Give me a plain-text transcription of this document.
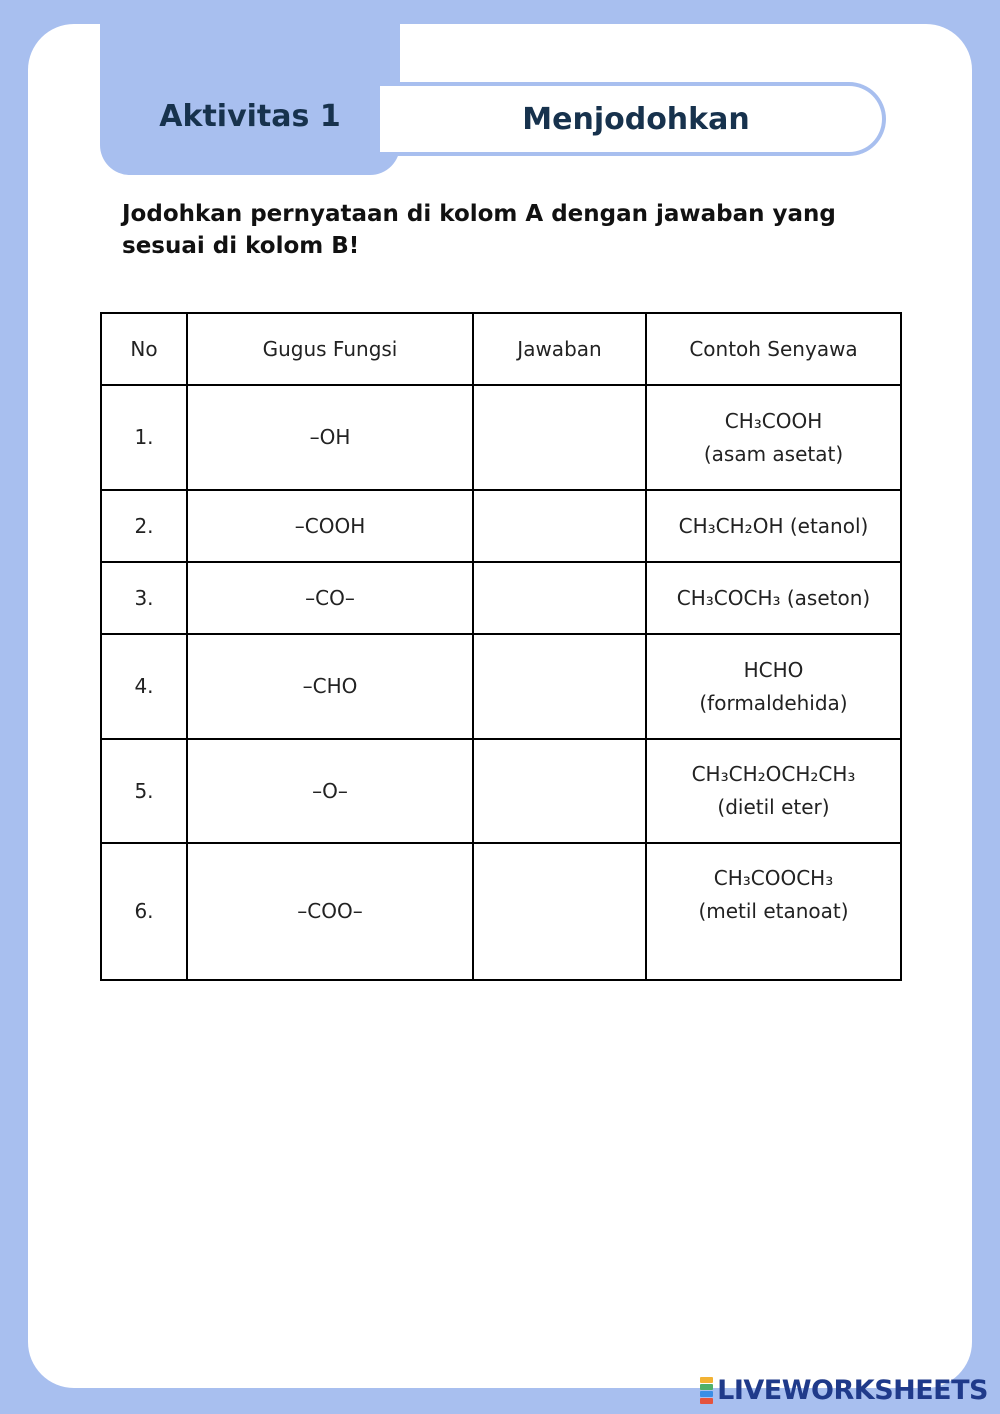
Aktivitas 1	Menjodohkan
Jodohkan pernyataan di kolom A dengan jawaban yang
sesuai di kolom B!
No	Gugus Fungsi	Jawaban	Contoh Senyawa
1.	–OH		CH₃COOH
(asam asetat)

2.	–COOH		CH₃CH₂OH (etanol)

3.	–CO–		CH₃COCH₃ (aseton)

4.	–CHO		HCHO
(formaldehida)

5.	–O–		CH₃CH₂OCH₂CH₃
(dietil eter)

6.	–COO–		CH₃COOCH₃
(metil etanoat)
LIVEWORKSHEETS
